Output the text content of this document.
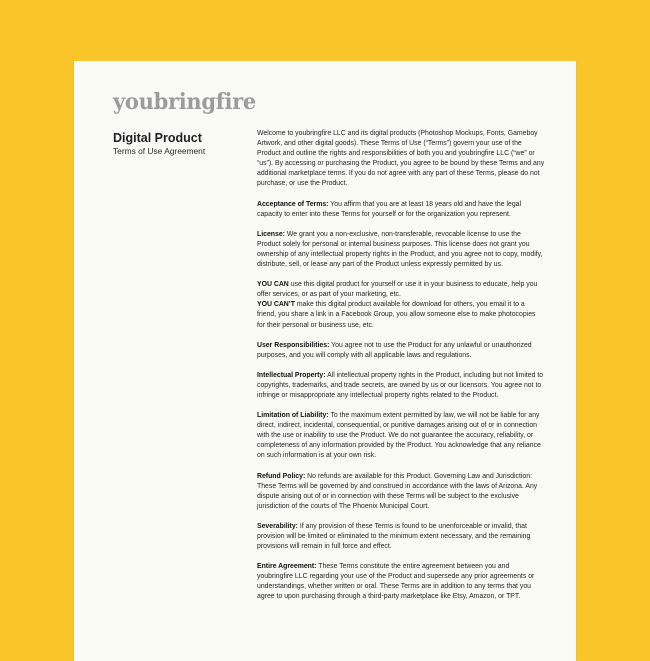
youbringfire
Digital Product
Terms of Use Agreement

Welcome to youbringfire LLC and its digital products (Photoshop Mockups, Fonts, Gameboy Artwork, and other digital goods). These Terms of Use (“Terms”) govern your use of the Product and outline the rights and responsibilities of both you and youbringfire LLC (“we” or “us”). By accessing or purchasing the Product, you agree to be bound by these Terms and any additional marketplace terms. If you do not agree with any part of these Terms, please do not purchase, or use the Product.

Acceptance of Terms: You affirm that you are at least 18 years old and have the legal capacity to enter into these Terms for yourself or for the organization you represent.

License: We grant you a non-exclusive, non-transferable, revocable license to use the Product solely for personal or internal business purposes. This license does not grant you ownership of any intellectual property rights in the Product, and you agree not to copy, modify, distribute, sell, or lease any part of the Product unless expressly permitted by us.

YOU CAN use this digital product for yourself or use it in your business to educate, help you offer services, or as part of your marketing, etc.
YOU CAN’T make this digital product available for download for others, you email it to a friend, you share a link in a Facebook Group, you allow someone else to make photocopies for their personal or business use, etc.

User Responsibilities: You agree not to use the Product for any unlawful or unauthorized purposes, and you will comply with all applicable laws and regulations.

Intellectual Property: All intellectual property rights in the Product, including but not limited to copyrights, trademarks, and trade secrets, are owned by us or our licensors. You agree not to infringe or misappropriate any intellectual property rights related to the Product.

Limitation of Liability: To the maximum extent permitted by law, we will not be liable for any direct, indirect, incidental, consequential, or punitive damages arising out of or in connection with the use or inability to use the Product. We do not guarantee the accuracy, reliability, or completeness of any information provided by the Product. You acknowledge that any reliance on such information is at your own risk.

Refund Policy: No refunds are available for this Product. Governing Law and Jurisdiction: These Terms will be governed by and construed in accordance with the laws of Arizona. Any dispute arising out of or in connection with these Terms will be subject to the exclusive jurisdiction of the courts of The Phoenix Municipal Court.

Severability: If any provision of these Terms is found to be unenforceable or invalid, that provision will be limited or eliminated to the minimum extent necessary, and the remaining provisions will remain in full force and effect.

Entire Agreement: These Terms constitute the entire agreement between you and youbringfire LLC regarding your use of the Product and supersede any prior agreements or understandings, whether written or oral. These Terms are in addition to any terms that you agree to upon purchasing through a third-party marketplace like Etsy, Amazon, or TPT.
